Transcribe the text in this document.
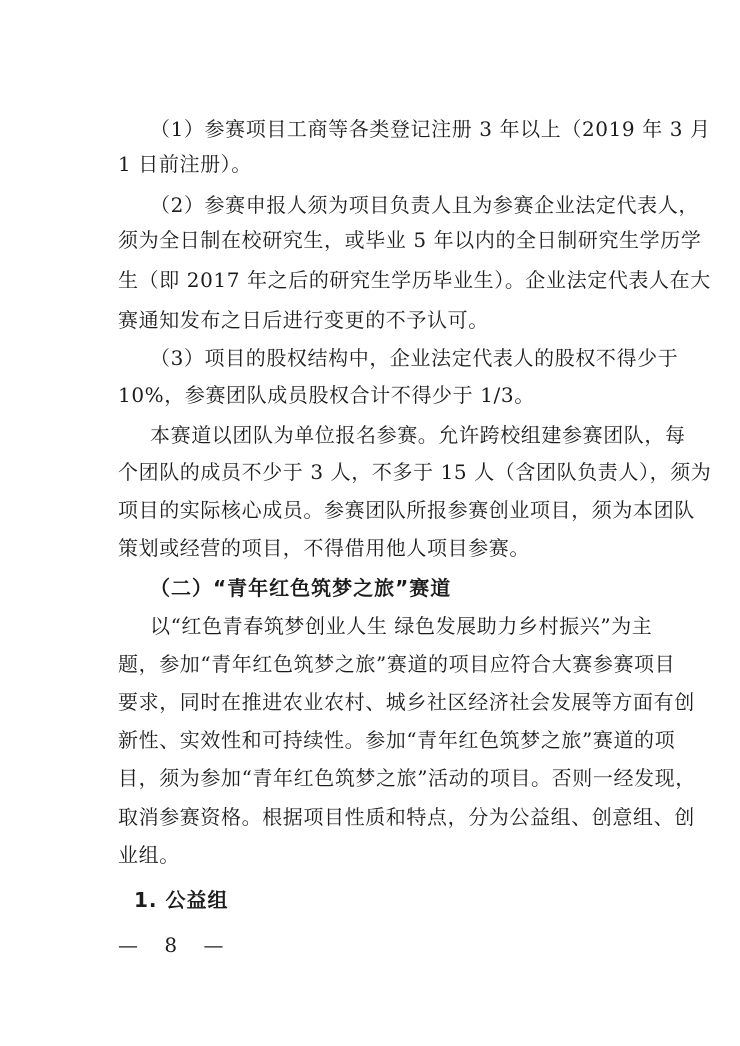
（1）参赛项目工商等各类登记注册 3 年以上（2019 年 3 月
1 日前注册）。
（2）参赛申报人须为项目负责人且为参赛企业法定代表人，
须为全日制在校研究生，或毕业 5 年以内的全日制研究生学历学
生（即 2017 年之后的研究生学历毕业生）。企业法定代表人在大
赛通知发布之日后进行变更的不予认可。
（3）项目的股权结构中，企业法定代表人的股权不得少于
10%，参赛团队成员股权合计不得少于 1/3。
本赛道以团队为单位报名参赛。允许跨校组建参赛团队，每
个团队的成员不少于 3 人，不多于 15 人（含团队负责人），须为
项目的实际核心成员。参赛团队所报参赛创业项目，须为本团队
策划或经营的项目，不得借用他人项目参赛。
（二）“青年红色筑梦之旅”赛道
以“红色青春筑梦创业人生 绿色发展助力乡村振兴”为主
题，参加“青年红色筑梦之旅”赛道的项目应符合大赛参赛项目
要求，同时在推进农业农村、城乡社区经济社会发展等方面有创
新性、实效性和可持续性。参加“青年红色筑梦之旅”赛道的项
目，须为参加“青年红色筑梦之旅”活动的项目。否则一经发现，
取消参赛资格。根据项目性质和特点，分为公益组、创意组、创
业组。
1. 公益组
— 8 —
